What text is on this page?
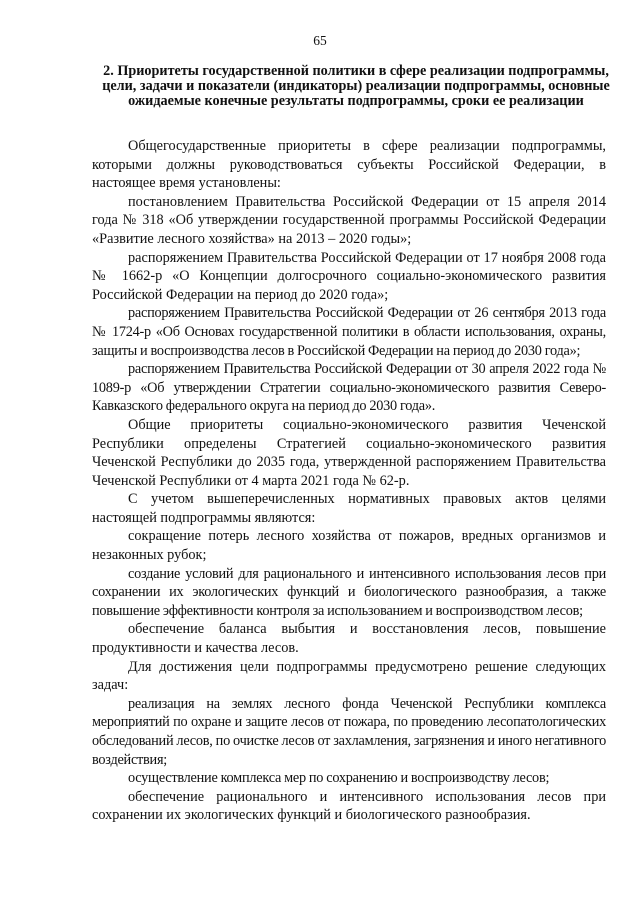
65
2. Приоритеты государственной политики в сфере реализации подпрограммы, цели, задачи и показатели (индикаторы) реализации подпрограммы, основные ожидаемые конечные результаты подпрограммы, сроки ее реализации

Общегосударственные приоритеты в сфере реализации подпрограммы, которыми должны руководствоваться субъекты Российской Федерации, в настоящее время установлены:

постановлением Правительства Российской Федерации от 15 апреля 2014 года № 318 «Об утверждении государственной программы Российской Федерации «Развитие лесного хозяйства» на 2013 – 2020 годы»;

распоряжением Правительства Российской Федерации от 17 ноября 2008 года № 1662-р «О Концепции долгосрочного социально-экономического развития Российской Федерации на период до 2020 года»;

распоряжением Правительства Российской Федерации от 26 сентября 2013 года № 1724-р «Об Основах государственной политики в области использования, охраны, защиты и воспроизводства лесов в Российской Федерации на период до 2030 года»;

распоряжением Правительства Российской Федерации от 30 апреля 2022 года № 1089-р «Об утверждении Стратегии социально-экономического развития Северо-Кавказского федерального округа на период до 2030 года».

Общие приоритеты социально-экономического развития Чеченской Республики определены Стратегией социально-экономического развития Чеченской Республики до 2035 года, утвержденной распоряжением Правительства Чеченской Республики от 4 марта 2021 года № 62-р.

С учетом вышеперечисленных нормативных правовых актов целями настоящей подпрограммы являются:

сокращение потерь лесного хозяйства от пожаров, вредных организмов и незаконных рубок;

создание условий для рационального и интенсивного использования лесов при сохранении их экологических функций и биологического разнообразия, а также повышение эффективности контроля за использованием и воспроизводством лесов;

обеспечение баланса выбытия и восстановления лесов, повышение продуктивности и качества лесов.

Для достижения цели подпрограммы предусмотрено решение следующих задач:

реализация на землях лесного фонда Чеченской Республики комплекса мероприятий по охране и защите лесов от пожара, по проведению лесопатологических обследований лесов, по очистке лесов от захламления, загрязнения и иного негативного воздействия;

осуществление комплекса мер по сохранению и воспроизводству лесов;

обеспечение рационального и интенсивного использования лесов при сохранении их экологических функций и биологического разнообразия.
